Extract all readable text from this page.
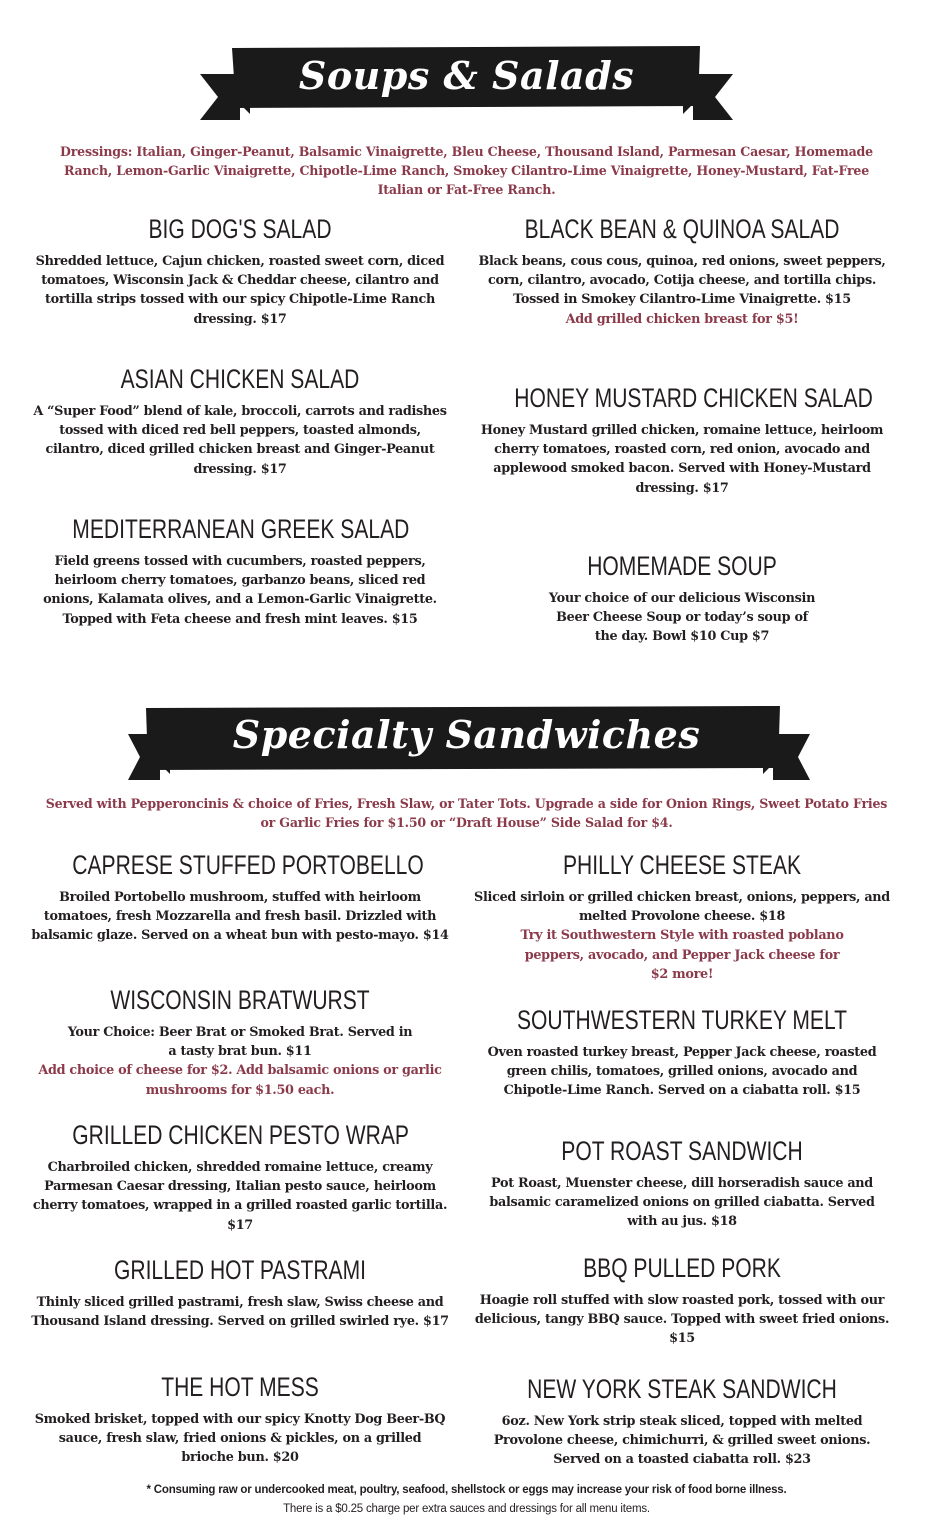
Soups & Salads
Dressings: Italian, Ginger-Peanut, Balsamic Vinaigrette, Bleu Cheese, Thousand Island, Parmesan Caesar, Homemade Ranch, Lemon-Garlic Vinaigrette, Chipotle-Lime Ranch, Smokey Cilantro-Lime Vinaigrette, Honey-Mustard, Fat-Free Italian or Fat-Free Ranch.
BIG DOG'S SALAD
Shredded lettuce, Cajun chicken, roasted sweet corn, diced tomatoes, Wisconsin Jack & Cheddar cheese, cilantro and tortilla strips tossed with our spicy Chipotle-Lime Ranch dressing. $17
BLACK BEAN & QUINOA SALAD
Black beans, cous cous, quinoa, red onions, sweet peppers, corn, cilantro, avocado, Cotija cheese, and tortilla chips. Tossed in Smokey Cilantro-Lime Vinaigrette. $15
Add grilled chicken breast for $5!
ASIAN CHICKEN SALAD
A “Super Food” blend of kale, broccoli, carrots and radishes tossed with diced red bell peppers, toasted almonds, cilantro, diced grilled chicken breast and Ginger-Peanut dressing. $17
HONEY MUSTARD CHICKEN SALAD
Honey Mustard grilled chicken, romaine lettuce, heirloom cherry tomatoes, roasted corn, red onion, avocado and applewood smoked bacon. Served with Honey-Mustard dressing. $17
MEDITERRANEAN GREEK SALAD
Field greens tossed with cucumbers, roasted peppers, heirloom cherry tomatoes, garbanzo beans, sliced red onions, Kalamata olives, and a Lemon-Garlic Vinaigrette. Topped with Feta cheese and fresh mint leaves. $15
HOMEMADE SOUP
Your choice of our delicious Wisconsin Beer Cheese Soup or today’s soup of the day. Bowl $10 Cup $7
Specialty Sandwiches
Served with Pepperoncinis & choice of Fries, Fresh Slaw, or Tater Tots. Upgrade a side for Onion Rings, Sweet Potato Fries or Garlic Fries for $1.50 or “Draft House” Side Salad for $4.
CAPRESE STUFFED PORTOBELLO
Broiled Portobello mushroom, stuffed with heirloom tomatoes, fresh Mozzarella and fresh basil. Drizzled with balsamic glaze. Served on a wheat bun with pesto-mayo. $14
PHILLY CHEESE STEAK
Sliced sirloin or grilled chicken breast, onions, peppers, and melted Provolone cheese. $18
Try it Southwestern Style with roasted poblano peppers, avocado, and Pepper Jack cheese for $2 more!
WISCONSIN BRATWURST
Your Choice: Beer Brat or Smoked Brat. Served in a tasty brat bun. $11
Add choice of cheese for $2. Add balsamic onions or garlic mushrooms for $1.50 each.
SOUTHWESTERN TURKEY MELT
Oven roasted turkey breast, Pepper Jack cheese, roasted green chilis, tomatoes, grilled onions, avocado and Chipotle-Lime Ranch. Served on a ciabatta roll. $15
GRILLED CHICKEN PESTO WRAP
Charbroiled chicken, shredded romaine lettuce, creamy Parmesan Caesar dressing, Italian pesto sauce, heirloom cherry tomatoes, wrapped in a grilled roasted garlic tortilla. $17
POT ROAST SANDWICH
Pot Roast, Muenster cheese, dill horseradish sauce and balsamic caramelized onions on grilled ciabatta. Served with au jus. $18
GRILLED HOT PASTRAMI
Thinly sliced grilled pastrami, fresh slaw, Swiss cheese and Thousand Island dressing. Served on grilled swirled rye. $17
BBQ PULLED PORK
Hoagie roll stuffed with slow roasted pork, tossed with our delicious, tangy BBQ sauce. Topped with sweet fried onions. $15
THE HOT MESS
Smoked brisket, topped with our spicy Knotty Dog Beer-BQ sauce, fresh slaw, fried onions & pickles, on a grilled brioche bun. $20
NEW YORK STEAK SANDWICH
6oz. New York strip steak sliced, topped with melted Provolone cheese, chimichurri, & grilled sweet onions. Served on a toasted ciabatta roll. $23
* Consuming raw or undercooked meat, poultry, seafood, shellstock or eggs may increase your risk of food borne illness.
There is a $0.25 charge per extra sauces and dressings for all menu items.
